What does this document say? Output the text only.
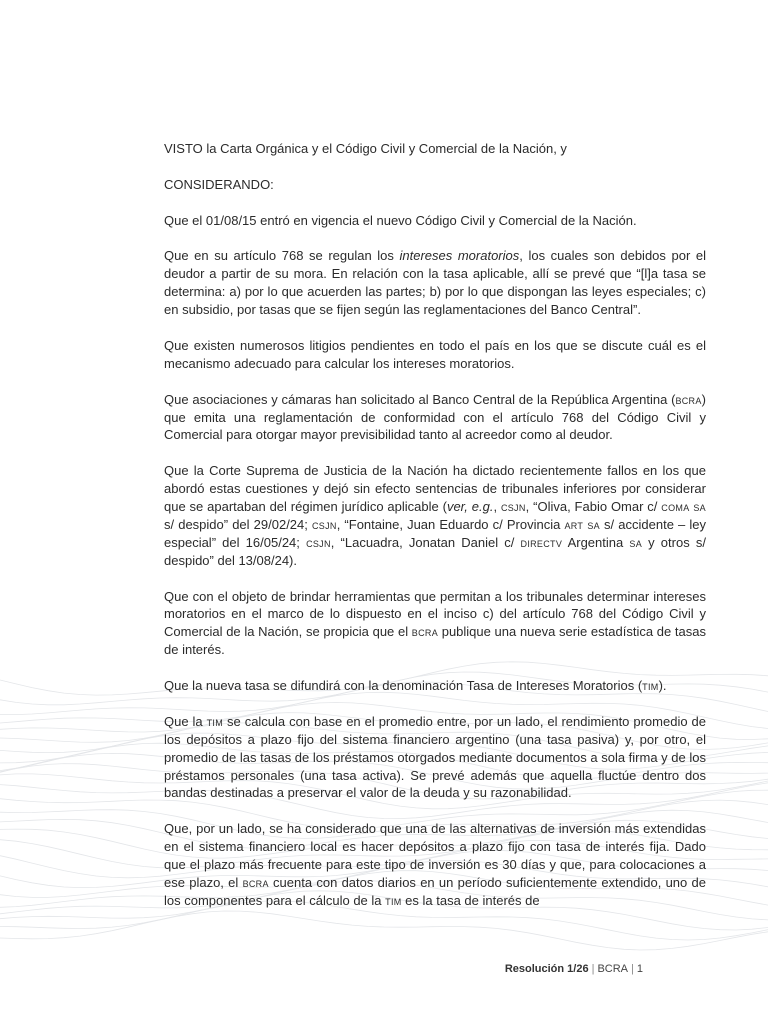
VISTO la Carta Orgánica y el Código Civil y Comercial de la Nación, y

CONSIDERANDO:

Que el 01/08/15 entró en vigencia el nuevo Código Civil y Comercial de la Nación.

Que en su artículo 768 se regulan los intereses moratorios, los cuales son debidos por el deudor a partir de su mora. En relación con la tasa aplicable, allí se prevé que “[l]a tasa se determina: a) por lo que acuerden las partes; b) por lo que dispongan las leyes especiales; c) en subsidio, por tasas que se fijen según las reglamentaciones del Banco Central”.

Que existen numerosos litigios pendientes en todo el país en los que se discute cuál es el mecanismo adecuado para calcular los intereses moratorios.

Que asociaciones y cámaras han solicitado al Banco Central de la República Argentina (bcra) que emita una reglamentación de conformidad con el artículo 768 del Código Civil y Comercial para otorgar mayor previsibilidad tanto al acreedor como al deudor.

Que la Corte Suprema de Justicia de la Nación ha dictado recientemente fallos en los que abordó estas cuestiones y dejó sin efecto sentencias de tribunales inferiores por considerar que se apartaban del régimen jurídico aplicable (ver, e.g., csjn, “Oliva, Fabio Omar c/ coma sa s/ despido” del 29/02/24; csjn, “Fontaine, Juan Eduardo c/ Provincia art sa s/ accidente – ley especial” del 16/05/24; csjn, “Lacuadra, Jonatan Daniel c/ directv Argentina sa y otros s/ despido” del 13/08/24).

Que con el objeto de brindar herramientas que permitan a los tribunales determinar intereses moratorios en el marco de lo dispuesto en el inciso c) del artículo 768 del Código Civil y Comercial de la Nación, se propicia que el bcra publique una nueva serie estadística de tasas de interés.

Que la nueva tasa se difundirá con la denominación Tasa de Intereses Moratorios (tim).

Que la tim se calcula con base en el promedio entre, por un lado, el rendimiento promedio de los depósitos a plazo fijo del sistema financiero argentino (una tasa pasiva) y, por otro, el promedio de las tasas de los préstamos otorgados mediante documentos a sola firma y de los préstamos personales (una tasa activa). Se prevé además que aquella fluctúe dentro dos bandas destinadas a preservar el valor de la deuda y su razonabilidad.

Que, por un lado, se ha considerado que una de las alternativas de inversión más extendidas en el sistema financiero local es hacer depósitos a plazo fijo con tasa de interés fija. Dado que el plazo más frecuente para este tipo de inversión es 30 días y que, para colocaciones a ese plazo, el bcra cuenta con datos diarios en un período suficientemente extendido, uno de los componentes para el cálculo de la tim es la tasa de interés de

Resolución 1/26 | BCRA | 1
